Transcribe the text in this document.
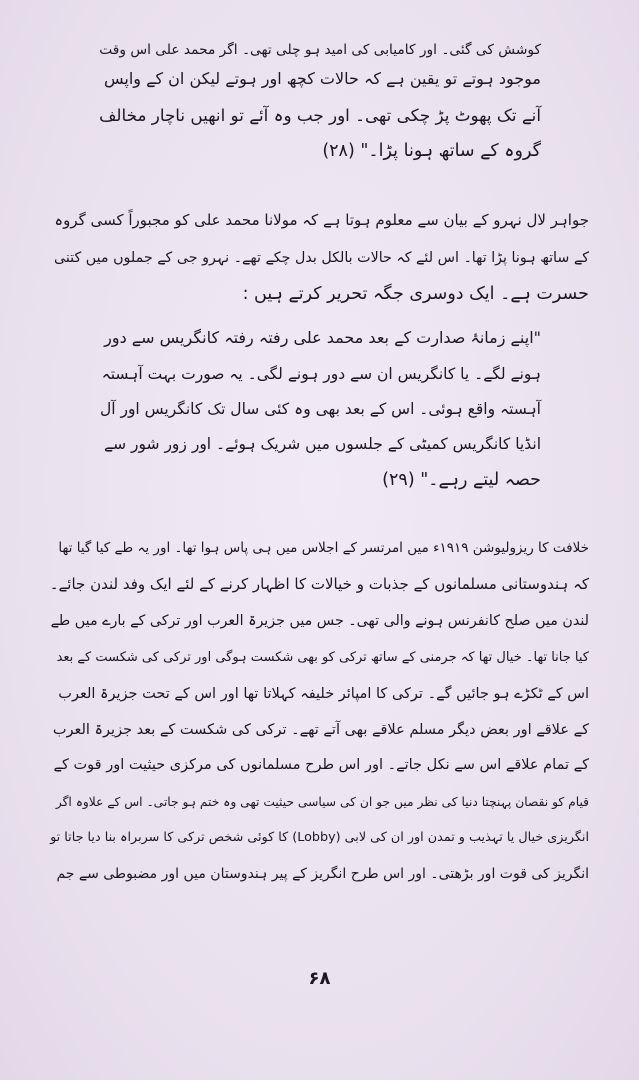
کوشش کی گئی۔ اور کامیابی کی امید ہو چلی تھی۔ اگر محمد علی اس وقت
موجود ہوتے تو یقین ہے کہ حالات کچھ اور ہوتے لیکن ان کے واپس
آنے تک پھوٹ پڑ چکی تھی۔ اور جب وہ آئے تو انھیں ناچار مخالف
گروہ کے ساتھ ہونا پڑا۔" (۲۸)
جواہر لال نہرو کے بیان سے معلوم ہوتا ہے کہ مولانا محمد علی کو مجبوراً کسی گروہ
کے ساتھ ہونا پڑا تھا۔ اس لئے کہ حالات بالکل بدل چکے تھے۔ نہرو جی کے جملوں میں کتنی
حسرت ہے۔ ایک دوسری جگہ تحریر کرتے ہیں :
"اپنے زمانۂ صدارت کے بعد محمد علی رفتہ رفتہ کانگریس سے دور
ہونے لگے۔ یا کانگریس ان سے دور ہونے لگی۔ یہ صورت بہت آہستہ
آہستہ واقع ہوئی۔ اس کے بعد بھی وہ کئی سال تک کانگریس اور آل
انڈیا کانگریس کمیٹی کے جلسوں میں شریک ہوئے۔ اور زور شور سے
حصہ لیتے رہے۔" (۲۹)
خلافت کا ریزولیوشن ۱۹۱۹ء میں امرتسر کے اجلاس میں ہی پاس ہوا تھا۔ اور یہ طے کیا گیا تھا
کہ ہندوستانی مسلمانوں کے جذبات و خیالات کا اظہار کرنے کے لئے ایک وفد لندن جائے۔
لندن میں صلح کانفرنس ہونے والی تھی۔ جس میں جزیرۃ العرب اور ترکی کے بارے میں طے
کیا جانا تھا۔ خیال تھا کہ جرمنی کے ساتھ ترکی کو بھی شکست ہوگی اور ترکی کی شکست کے بعد
اس کے ٹکڑے ہو جائیں گے۔ ترکی کا امپائر خلیفہ کہلاتا تھا اور اس کے تحت جزیرۃ العرب
کے علاقے اور بعض دیگر مسلم علاقے بھی آتے تھے۔ ترکی کی شکست کے بعد جزیرۃ العرب
کے تمام علاقے اس سے نکل جاتے۔ اور اس طرح مسلمانوں کی مرکزی حیثیت اور قوت کے
قیام کو نقصان پہنچتا دنیا کی نظر میں جو ان کی سیاسی حیثیت تھی وہ ختم ہو جاتی۔ اس کے علاوہ اگر
انگریزی خیال یا تہذیب و تمدن اور ان کی لابی (Lobby) کا کوئی شخص ترکی کا سربراہ بنا دیا جاتا تو
انگریز کی قوت اور بڑھتی۔ اور اس طرح انگریز کے پیر ہندوستان میں اور مضبوطی سے جم
۶۸
